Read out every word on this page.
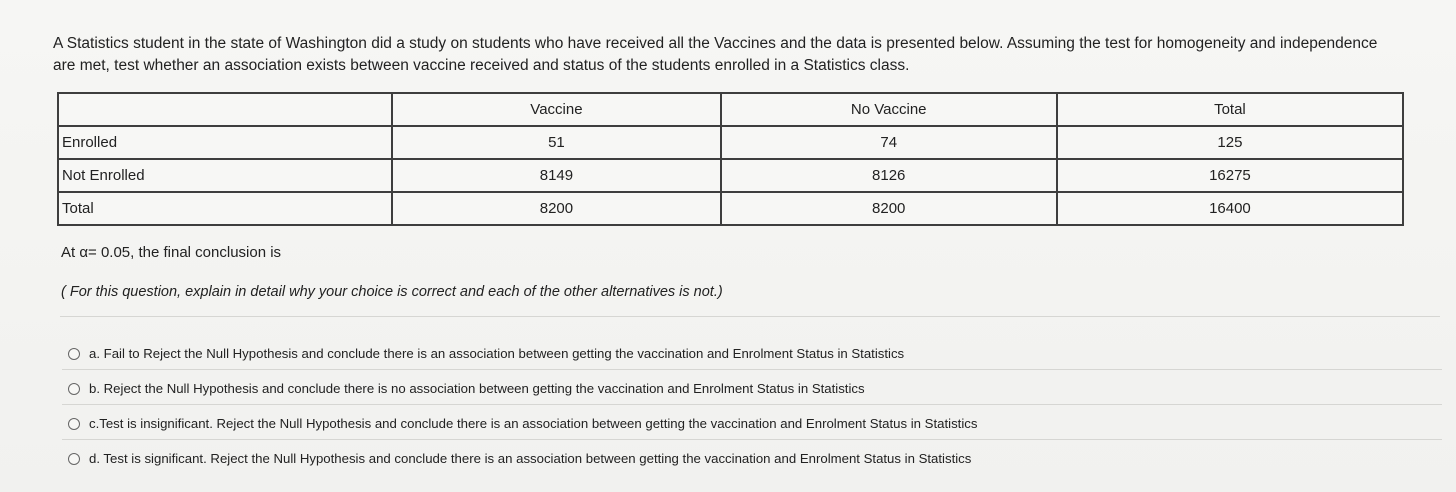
A Statistics student in the state of Washington did a study on students who have received all the Vaccines and the data is presented below. Assuming the test for homogeneity and independence are met, test whether an association exists between vaccine received and status of the students enrolled in a Statistics class.
	Vaccine	No Vaccine	Total
Enrolled	51	74	125
Not Enrolled	8149	8126	16275
Total	8200	8200	16400
At α= 0.05, the final conclusion is
( For this question, explain in detail why your choice is correct and each of the other alternatives is not.)
a. Fail to Reject the Null Hypothesis and conclude there is an association between getting the vaccination and Enrolment Status in Statistics
b. Reject the Null Hypothesis and conclude there is no association between getting the vaccination and Enrolment Status in Statistics
c.Test is insignificant. Reject the Null Hypothesis and conclude there is an association between getting the vaccination and Enrolment Status in Statistics
d. Test is significant. Reject the Null Hypothesis and conclude there is an association between getting the vaccination and Enrolment Status in Statistics
